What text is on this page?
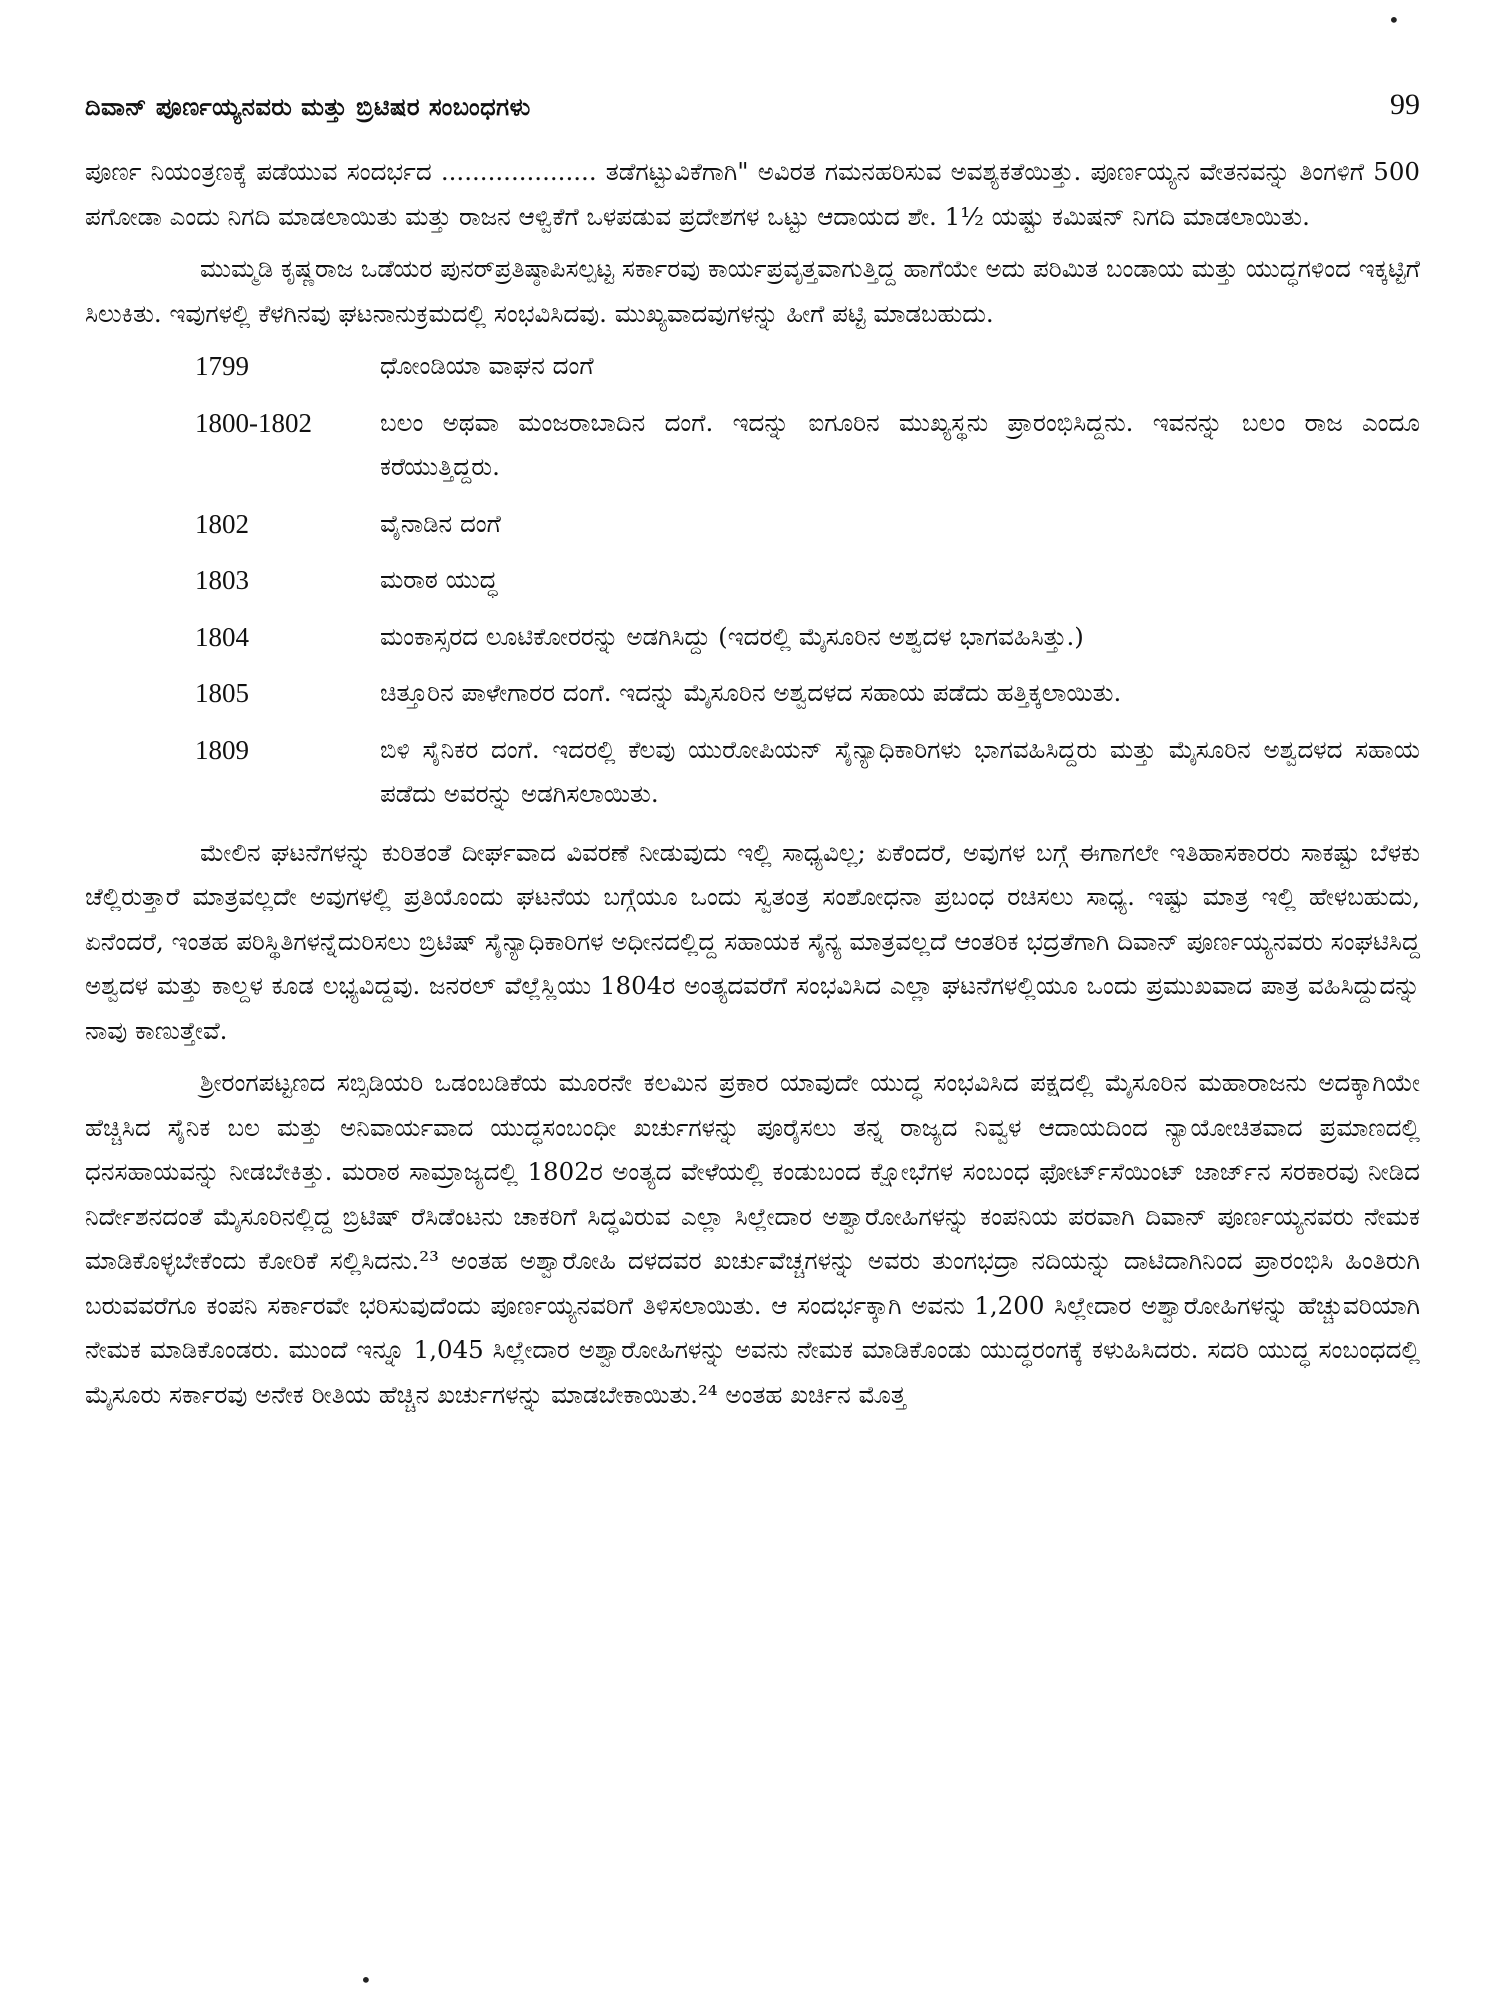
ದಿವಾನ್ ಪೂರ್ಣಯ್ಯನವರು ಮತ್ತು ಬ್ರಿಟಿಷರ ಸಂಬಂಧಗಳು	99

ಪೂರ್ಣ ನಿಯಂತ್ರಣಕ್ಕೆ ಪಡೆಯುವ ಸಂದರ್ಭದ .................... ತಡೆಗಟ್ಟುವಿಕೆಗಾಗಿ" ಅವಿರತ ಗಮನಹರಿಸುವ ಅವಶ್ಯಕತೆಯಿತ್ತು. ಪೂರ್ಣಯ್ಯನ ವೇತನವನ್ನು ತಿಂಗಳಿಗೆ 500 ಪಗೋಡಾ ಎಂದು ನಿಗದಿ ಮಾಡಲಾಯಿತು ಮತ್ತು ರಾಜನ ಆಳ್ವಿಕೆಗೆ ಒಳಪಡುವ ಪ್ರದೇಶಗಳ ಒಟ್ಟು ಆದಾಯದ ಶೇ. 1½ ಯಷ್ಟು ಕಮಿಷನ್ ನಿಗದಿ ಮಾಡಲಾಯಿತು.

ಮುಮ್ಮಡಿ ಕೃಷ್ಣರಾಜ ಒಡೆಯರ ಪುನರ್‌ಪ್ರತಿಷ್ಠಾಪಿಸಲ್ಪಟ್ಟ ಸರ್ಕಾರವು ಕಾರ್ಯಪ್ರವೃತ್ತವಾಗುತ್ತಿದ್ದ ಹಾಗೆಯೇ ಅದು ಪರಿಮಿತ ಬಂಡಾಯ ಮತ್ತು ಯುದ್ಧಗಳಿಂದ ಇಕ್ಕಟ್ಟಿಗೆ ಸಿಲುಕಿತು. ಇವುಗಳಲ್ಲಿ ಕೆಳಗಿನವು ಘಟನಾನುಕ್ರಮದಲ್ಲಿ ಸಂಭವಿಸಿದವು. ಮುಖ್ಯವಾದವುಗಳನ್ನು ಹೀಗೆ ಪಟ್ಟಿ ಮಾಡಬಹುದು.

1799	ಧೋಂಡಿಯಾ ವಾಘನ ದಂಗೆ
1800-1802	ಬಲಂ ಅಥವಾ ಮಂಜರಾಬಾದಿನ ದಂಗೆ. ಇದನ್ನು ಐಗೂರಿನ ಮುಖ್ಯಸ್ಥನು ಪ್ರಾರಂಭಿಸಿದ್ದನು. ಇವನನ್ನು ಬಲಂ ರಾಜ ಎಂದೂ ಕರೆಯುತ್ತಿದ್ದರು.
1802	ವೈನಾಡಿನ ದಂಗೆ
1803	ಮರಾಠ ಯುದ್ಧ
1804	ಮಂಕಾಸ್ಸರದ ಲೂಟಿಕೋರರನ್ನು ಅಡಗಿಸಿದ್ದು (ಇದರಲ್ಲಿ ಮೈಸೂರಿನ ಅಶ್ವದಳ ಭಾಗವಹಿಸಿತ್ತು.)
1805	ಚಿತ್ತೂರಿನ ಪಾಳೇಗಾರರ ದಂಗೆ. ಇದನ್ನು ಮೈಸೂರಿನ ಅಶ್ವದಳದ ಸಹಾಯ ಪಡೆದು ಹತ್ತಿಕ್ಕಲಾಯಿತು.
1809	ಬಿಳಿ ಸೈನಿಕರ ದಂಗೆ. ಇದರಲ್ಲಿ ಕೆಲವು ಯುರೋಪಿಯನ್ ಸೈನ್ಯಾಧಿಕಾರಿಗಳು ಭಾಗವಹಿಸಿದ್ದರು ಮತ್ತು ಮೈಸೂರಿನ ಅಶ್ವದಳದ ಸಹಾಯ ಪಡೆದು ಅವರನ್ನು ಅಡಗಿಸಲಾಯಿತು.

ಮೇಲಿನ ಘಟನೆಗಳನ್ನು ಕುರಿತಂತೆ ದೀರ್ಘವಾದ ವಿವರಣೆ ನೀಡುವುದು ಇಲ್ಲಿ ಸಾಧ್ಯವಿಲ್ಲ; ಏಕೆಂದರೆ, ಅವುಗಳ ಬಗ್ಗೆ ಈಗಾಗಲೇ ಇತಿಹಾಸಕಾರರು ಸಾಕಷ್ಟು ಬೆಳಕು ಚೆಲ್ಲಿರುತ್ತಾರೆ ಮಾತ್ರವಲ್ಲದೇ ಅವುಗಳಲ್ಲಿ ಪ್ರತಿಯೊಂದು ಘಟನೆಯ ಬಗ್ಗೆಯೂ ಒಂದು ಸ್ವತಂತ್ರ ಸಂಶೋಧನಾ ಪ್ರಬಂಧ ರಚಿಸಲು ಸಾಧ್ಯ. ಇಷ್ಟು ಮಾತ್ರ ಇಲ್ಲಿ ಹೇಳಬಹುದು, ಏನೆಂದರೆ, ಇಂತಹ ಪರಿಸ್ಥಿತಿಗಳನ್ನೆದುರಿಸಲು ಬ್ರಿಟಿಷ್ ಸೈನ್ಯಾಧಿಕಾರಿಗಳ ಅಧೀನದಲ್ಲಿದ್ದ ಸಹಾಯಕ ಸೈನ್ಯ ಮಾತ್ರವಲ್ಲದೆ ಆಂತರಿಕ ಭದ್ರತೆಗಾಗಿ ದಿವಾನ್ ಪೂರ್ಣಯ್ಯನವರು ಸಂಘಟಿಸಿದ್ದ ಅಶ್ವದಳ ಮತ್ತು ಕಾಲ್ದಳ ಕೂಡ ಲಭ್ಯವಿದ್ದವು. ಜನರಲ್ ವೆಲ್ಲೆಸ್ಲಿಯು 1804ರ ಅಂತ್ಯದವರೆಗೆ ಸಂಭವಿಸಿದ ಎಲ್ಲಾ ಘಟನೆಗಳಲ್ಲಿಯೂ ಒಂದು ಪ್ರಮುಖವಾದ ಪಾತ್ರ ವಹಿಸಿದ್ದುದನ್ನು ನಾವು ಕಾಣುತ್ತೇವೆ.

ಶ್ರೀರಂಗಪಟ್ಟಣದ ಸಬ್ಸಿಡಿಯರಿ ಒಡಂಬಡಿಕೆಯ ಮೂರನೇ ಕಲಮಿನ ಪ್ರಕಾರ ಯಾವುದೇ ಯುದ್ಧ ಸಂಭವಿಸಿದ ಪಕ್ಷದಲ್ಲಿ ಮೈಸೂರಿನ ಮಹಾರಾಜನು ಅದಕ್ಕಾಗಿಯೇ ಹೆಚ್ಚಿಸಿದ ಸೈನಿಕ ಬಲ ಮತ್ತು ಅನಿವಾರ್ಯವಾದ ಯುದ್ಧಸಂಬಂಧೀ ಖರ್ಚುಗಳನ್ನು ಪೂರೈಸಲು ತನ್ನ ರಾಜ್ಯದ ನಿವ್ವಳ ಆದಾಯದಿಂದ ನ್ಯಾಯೋಚಿತವಾದ ಪ್ರಮಾಣದಲ್ಲಿ ಧನಸಹಾಯವನ್ನು ನೀಡಬೇಕಿತ್ತು. ಮರಾಠ ಸಾಮ್ರಾಜ್ಯದಲ್ಲಿ 1802ರ ಅಂತ್ಯದ ವೇಳೆಯಲ್ಲಿ ಕಂಡುಬಂದ ಕ್ಷೋಭೆಗಳ ಸಂಬಂಧ ಫೋರ್ಟ್‌ಸೆಯಿಂಟ್ ಜಾರ್ಜ್‌ನ ಸರಕಾರವು ನೀಡಿದ ನಿರ್ದೇಶನದಂತೆ ಮೈಸೂರಿನಲ್ಲಿದ್ದ ಬ್ರಿಟಿಷ್ ರೆಸಿಡೆಂಟನು ಚಾಕರಿಗೆ ಸಿದ್ಧವಿರುವ ಎಲ್ಲಾ ಸಿಲ್ಲೇದಾರ ಅಶ್ವಾರೋಹಿಗಳನ್ನು ಕಂಪನಿಯ ಪರವಾಗಿ ದಿವಾನ್ ಪೂರ್ಣಯ್ಯನವರು ನೇಮಕ ಮಾಡಿಕೊಳ್ಳಬೇಕೆಂದು ಕೋರಿಕೆ ಸಲ್ಲಿಸಿದನು.²³ ಅಂತಹ ಅಶ್ವಾರೋಹಿ ದಳದವರ ಖರ್ಚುವೆಚ್ಚಗಳನ್ನು ಅವರು ತುಂಗಭದ್ರಾ ನದಿಯನ್ನು ದಾಟಿದಾಗಿನಿಂದ ಪ್ರಾರಂಭಿಸಿ ಹಿಂತಿರುಗಿ ಬರುವವರೆಗೂ ಕಂಪನಿ ಸರ್ಕಾರವೇ ಭರಿಸುವುದೆಂದು ಪೂರ್ಣಯ್ಯನವರಿಗೆ ತಿಳಿಸಲಾಯಿತು. ಆ ಸಂದರ್ಭಕ್ಕಾಗಿ ಅವನು 1,200 ಸಿಲ್ಲೇದಾರ ಅಶ್ವಾರೋಹಿಗಳನ್ನು ಹೆಚ್ಚುವರಿಯಾಗಿ ನೇಮಕ ಮಾಡಿಕೊಂಡರು. ಮುಂದೆ ಇನ್ನೂ 1,045 ಸಿಲ್ಲೇದಾರ ಅಶ್ವಾರೋಹಿಗಳನ್ನು ಅವನು ನೇಮಕ ಮಾಡಿಕೊಂಡು ಯುದ್ಧರಂಗಕ್ಕೆ ಕಳುಹಿಸಿದರು. ಸದರಿ ಯುದ್ಧ ಸಂಬಂಧದಲ್ಲಿ ಮೈಸೂರು ಸರ್ಕಾರವು ಅನೇಕ ರೀತಿಯ ಹೆಚ್ಚಿನ ಖರ್ಚುಗಳನ್ನು ಮಾಡಬೇಕಾಯಿತು.²⁴ ಅಂತಹ ಖರ್ಚಿನ ಮೊತ್ತ

•
•
